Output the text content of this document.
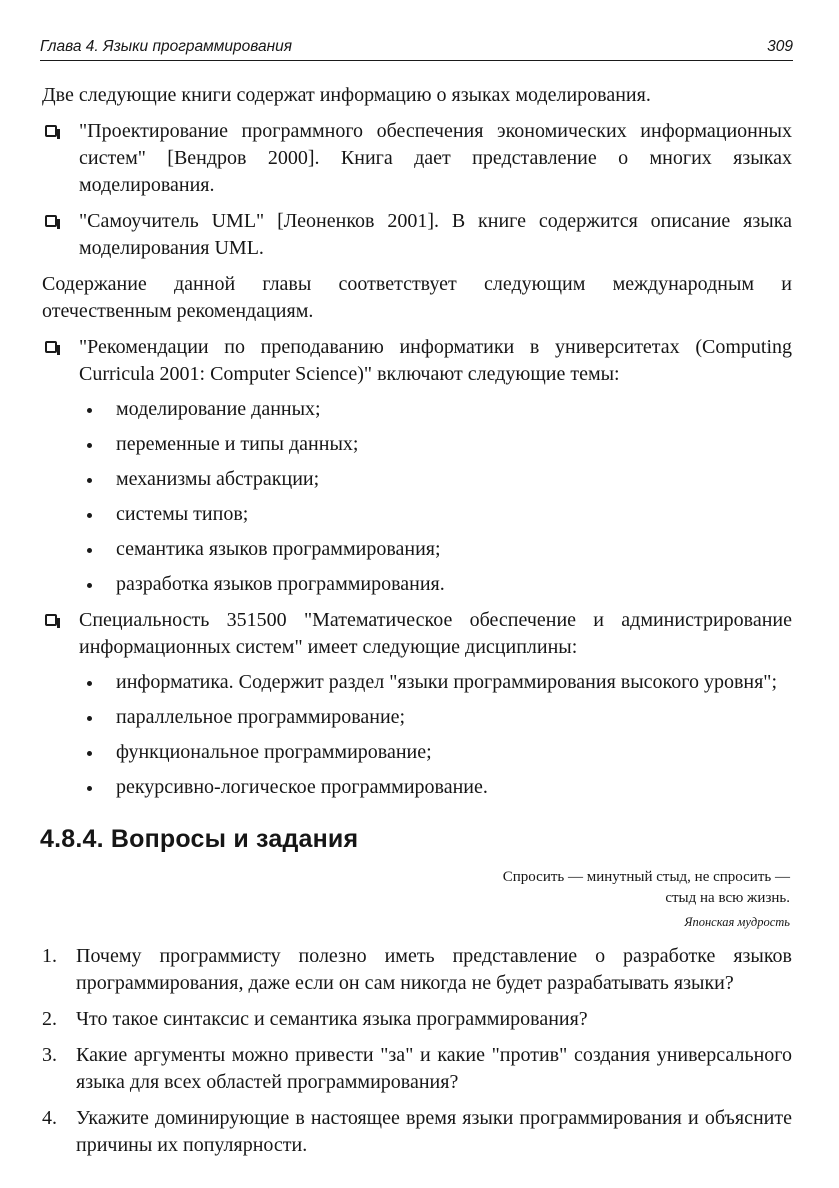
Глава 4. Языки программирования	309

Две следующие книги содержат информацию о языках моделирования.

"Проектирование программного обеспечения экономических информационных систем" [Вендров 2000]. Книга дает представление о многих языках моделирования.

"Самоучитель UML" [Леоненков 2001]. В книге содержится описание языка моделирования UML.

Содержание данной главы соответствует следующим международным и отечественным рекомендациям.

"Рекомендации по преподаванию информатики в университетах (Computing Curricula 2001: Computer Science)" включают следующие темы:

моделирование данных;
переменные и типы данных;
механизмы абстракции;
системы типов;
семантика языков программирования;
разработка языков программирования.

Специальность 351500 "Математическое обеспечение и администрирование информационных систем" имеет следующие дисциплины:

информатика. Содержит раздел "языки программирования высокого уровня";
параллельное программирование;
функциональное программирование;
рекурсивно-логическое программирование.
4.8.4. Вопросы и задания
Спросить — минутный стыд, не спросить —
стыд на всю жизнь.
Японская мудрость
1. Почему программисту полезно иметь представление о разработке языков программирования, даже если он сам никогда не будет разрабатывать языки?

2. Что такое синтаксис и семантика языка программирования?

3. Какие аргументы можно привести "за" и какие "против" создания универсального языка для всех областей программирования?

4. Укажите доминирующие в настоящее время языки программирования и объясните причины их популярности.
